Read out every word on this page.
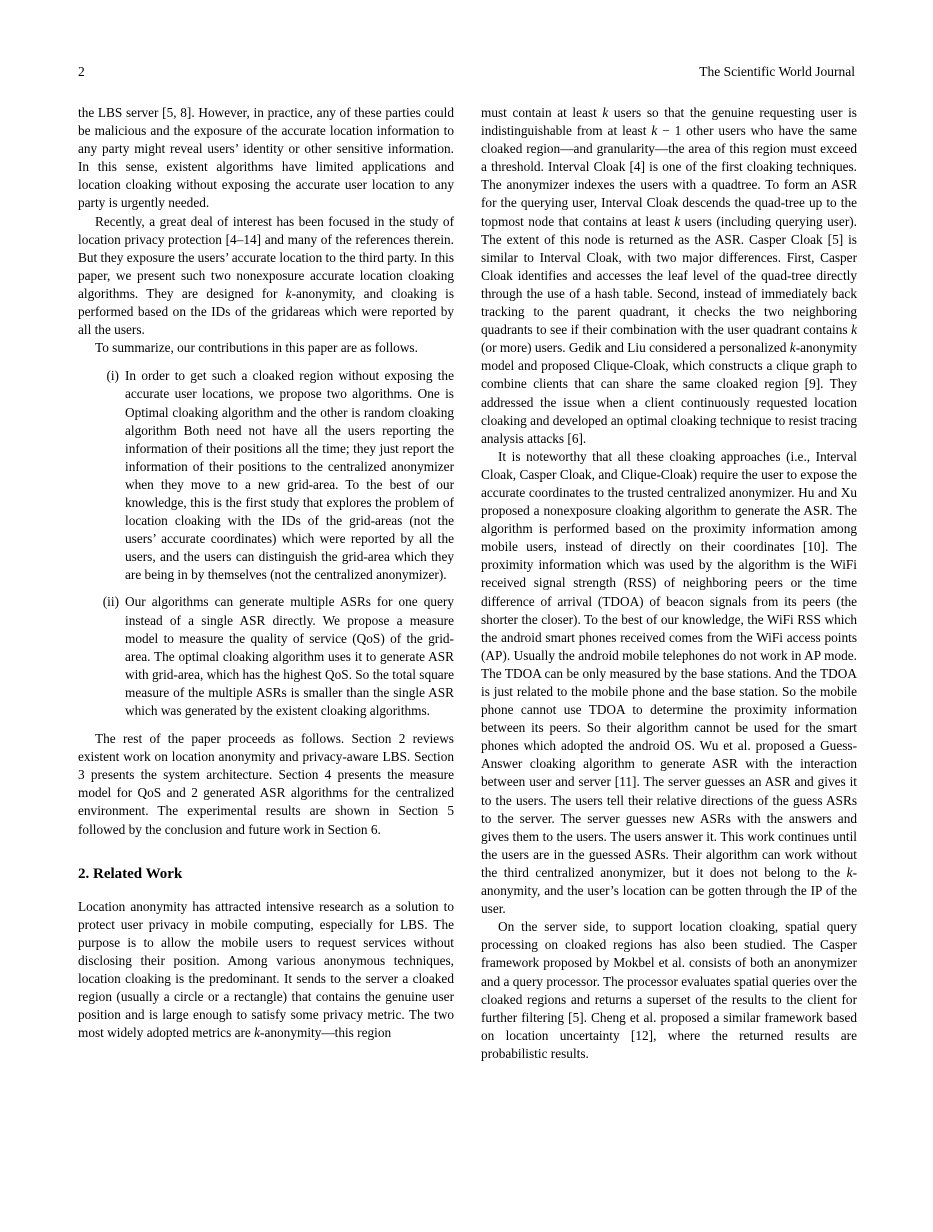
2	The Scientific World Journal

the LBS server [5, 8]. However, in practice, any of these parties could be malicious and the exposure of the accurate location information to any party might reveal users’ identity or other sensitive information. In this sense, existent algorithms have limited applications and location cloaking without exposing the accurate user location to any party is urgently needed.

Recently, a great deal of interest has been focused in the study of location privacy protection [4–14] and many of the references therein. But they exposure the users’ accurate location to the third party. In this paper, we present such two nonexposure accurate location cloaking algorithms. They are designed for k-anonymity, and cloaking is performed based on the IDs of the gridareas which were reported by all the users.

To summarize, our contributions in this paper are as follows.

(i) In order to get such a cloaked region without exposing the accurate user locations, we propose two algorithms. One is Optimal cloaking algorithm and the other is random cloaking algorithm Both need not have all the users reporting the information of their positions all the time; they just report the information of their positions to the centralized anonymizer when they move to a new grid-area. To the best of our knowledge, this is the first study that explores the problem of location cloaking with the IDs of the grid-areas (not the users’ accurate coordinates) which were reported by all the users, and the users can distinguish the grid-area which they are being in by themselves (not the centralized anonymizer).
(ii) Our algorithms can generate multiple ASRs for one query instead of a single ASR directly. We propose a measure model to measure the quality of service (QoS) of the grid-area. The optimal cloaking algorithm uses it to generate ASR with grid-area, which has the highest QoS. So the total square measure of the multiple ASRs is smaller than the single ASR which was generated by the existent cloaking algorithms.

The rest of the paper proceeds as follows. Section 2 reviews existent work on location anonymity and privacy-aware LBS. Section 3 presents the system architecture. Section 4 presents the measure model for QoS and 2 generated ASR algorithms for the centralized environment. The experimental results are shown in Section 5 followed by the conclusion and future work in Section 6.

2. Related Work

Location anonymity has attracted intensive research as a solution to protect user privacy in mobile computing, especially for LBS. The purpose is to allow the mobile users to request services without disclosing their position. Among various anonymous techniques, location cloaking is the predominant. It sends to the server a cloaked region (usually a circle or a rectangle) that contains the genuine user position and is large enough to satisfy some privacy metric. The two most widely adopted metrics are k-anonymity—this region

must contain at least k users so that the genuine requesting user is indistinguishable from at least k − 1 other users who have the same cloaked region—and granularity—the area of this region must exceed a threshold. Interval Cloak [4] is one of the first cloaking techniques. The anonymizer indexes the users with a quadtree. To form an ASR for the querying user, Interval Cloak descends the quad-tree up to the topmost node that contains at least k users (including querying user). The extent of this node is returned as the ASR. Casper Cloak [5] is similar to Interval Cloak, with two major differences. First, Casper Cloak identifies and accesses the leaf level of the quad-tree directly through the use of a hash table. Second, instead of immediately back tracking to the parent quadrant, it checks the two neighboring quadrants to see if their combination with the user quadrant contains k (or more) users. Gedik and Liu considered a personalized k-anonymity model and proposed Clique-Cloak, which constructs a clique graph to combine clients that can share the same cloaked region [9]. They addressed the issue when a client continuously requested location cloaking and developed an optimal cloaking technique to resist tracing analysis attacks [6].

It is noteworthy that all these cloaking approaches (i.e., Interval Cloak, Casper Cloak, and Clique-Cloak) require the user to expose the accurate coordinates to the trusted centralized anonymizer. Hu and Xu proposed a nonexposure cloaking algorithm to generate the ASR. The algorithm is performed based on the proximity information among mobile users, instead of directly on their coordinates [10]. The proximity information which was used by the algorithm is the WiFi received signal strength (RSS) of neighboring peers or the time difference of arrival (TDOA) of beacon signals from its peers (the shorter the closer). To the best of our knowledge, the WiFi RSS which the android smart phones received comes from the WiFi access points (AP). Usually the android mobile telephones do not work in AP mode. The TDOA can be only measured by the base stations. And the TDOA is just related to the mobile phone and the base station. So the mobile phone cannot use TDOA to determine the proximity information between its peers. So their algorithm cannot be used for the smart phones which adopted the android OS. Wu et al. proposed a Guess-Answer cloaking algorithm to generate ASR with the interaction between user and server [11]. The server guesses an ASR and gives it to the users. The users tell their relative directions of the guess ASRs to the server. The server guesses new ASRs with the answers and gives them to the users. The users answer it. This work continues until the users are in the guessed ASRs. Their algorithm can work without the third centralized anonymizer, but it does not belong to the k-anonymity, and the user’s location can be gotten through the IP of the user.

On the server side, to support location cloaking, spatial query processing on cloaked regions has also been studied. The Casper framework proposed by Mokbel et al. consists of both an anonymizer and a query processor. The processor evaluates spatial queries over the cloaked regions and returns a superset of the results to the client for further filtering [5]. Cheng et al. proposed a similar framework based on location uncertainty [12], where the returned results are probabilistic results.
